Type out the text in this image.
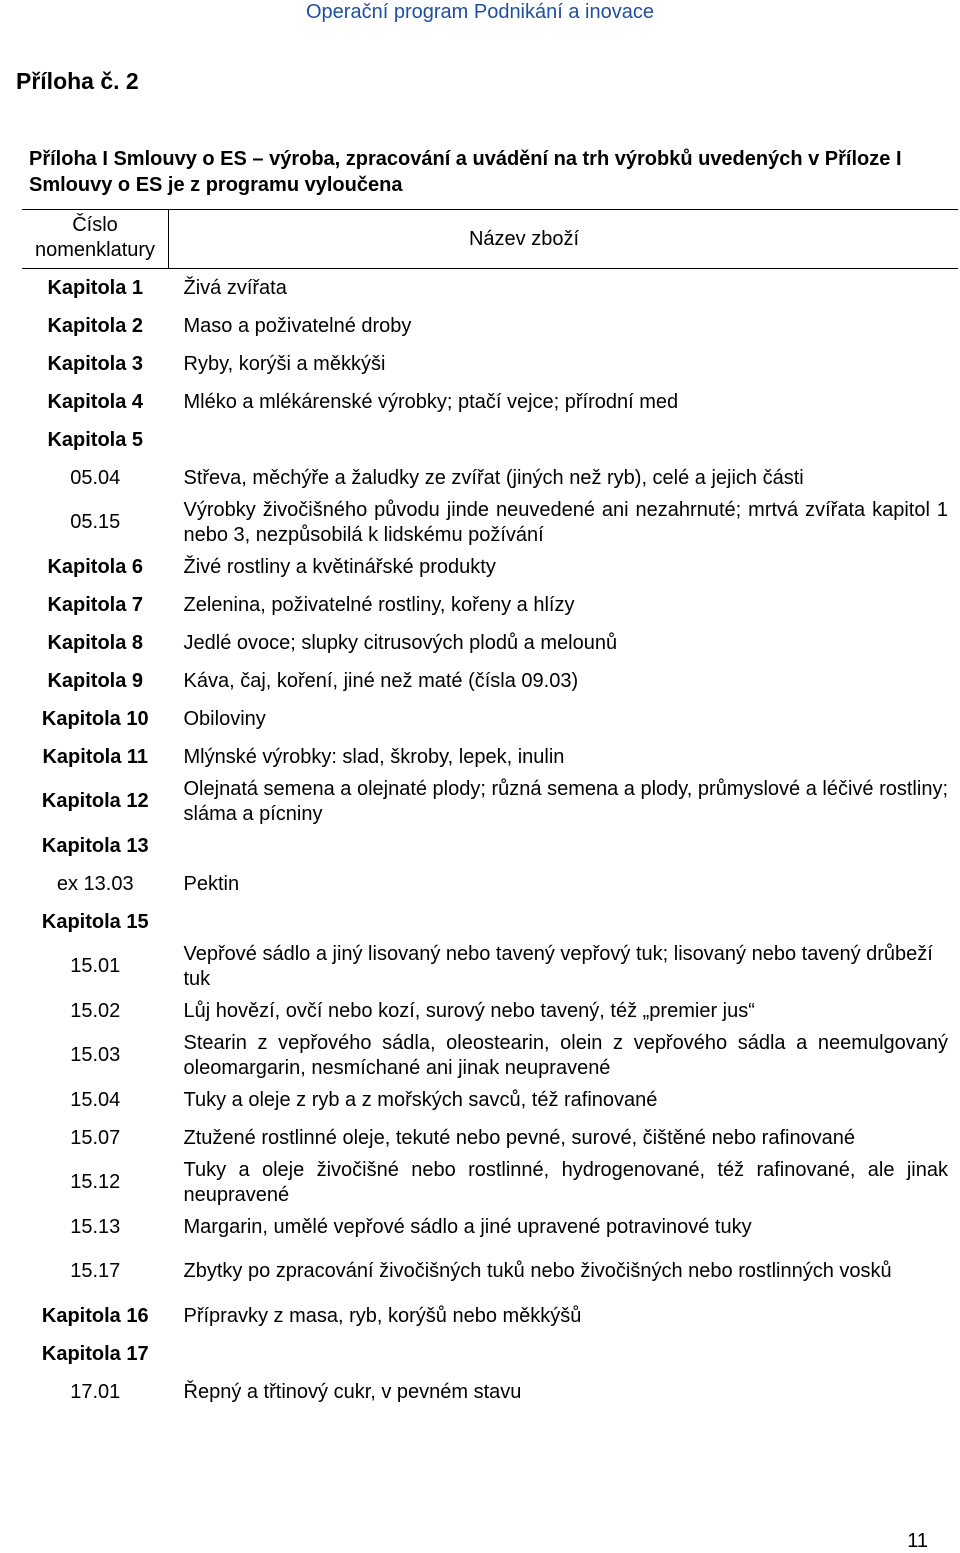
Operační program Podnikání a inovace
Příloha č. 2
Příloha I Smlouvy o ES – výroba, zpracování a uvádění na trh výrobků uvedených v Příloze I Smlouvy o ES je z programu vyloučena
Číslo nomenklatury	Název zboží
Kapitola 1	Živá zvířata
Kapitola 2	Maso a poživatelné droby
Kapitola 3	Ryby, korýši a měkkýši
Kapitola 4	Mléko a mlékárenské výrobky; ptačí vejce; přírodní med
Kapitola 5	
05.04	Střeva, měchýře a žaludky ze zvířat (jiných než ryb), celé a jejich části
05.15	Výrobky živočišného původu jinde neuvedené ani nezahrnuté; mrtvá zvířata kapitol 1 nebo 3, nezpůsobilá k lidskému požívání
Kapitola 6	Živé rostliny a květinářské produkty
Kapitola 7	Zelenina, poživatelné rostliny, kořeny a hlízy
Kapitola 8	Jedlé ovoce; slupky citrusových plodů a melounů
Kapitola 9	Káva, čaj, koření, jiné než maté (čísla 09.03)
Kapitola 10	Obiloviny
Kapitola 11	Mlýnské výrobky: slad, škroby, lepek, inulin
Kapitola 12	Olejnatá semena a olejnaté plody; různá semena a plody, průmyslové a léčivé rostliny; sláma a pícniny
Kapitola 13	
ex 13.03	Pektin
Kapitola 15	
15.01	Vepřové sádlo a jiný lisovaný nebo tavený vepřový tuk; lisovaný nebo tavený drůbeží tuk
15.02	Lůj hovězí, ovčí nebo kozí, surový nebo tavený, též „premier jus“
15.03	Stearin z vepřového sádla, oleostearin, olein z vepřového sádla a neemulgovaný oleomargarin, nesmíchané ani jinak neupravené
15.04	Tuky a oleje z ryb a z mořských savců, též rafinované
15.07	Ztužené rostlinné oleje, tekuté nebo pevné, surové, čištěné nebo rafinované
15.12	Tuky a oleje živočišné nebo rostlinné, hydrogenované, též rafinované, ale jinak neupravené
15.13	Margarin, umělé vepřové sádlo a jiné upravené potravinové tuky
15.17	Zbytky po zpracování živočišných tuků nebo živočišných nebo rostlinných vosků
Kapitola 16	Přípravky z masa, ryb, korýšů nebo měkkýšů
Kapitola 17	
17.01	Řepný a třtinový cukr, v pevném stavu
11
